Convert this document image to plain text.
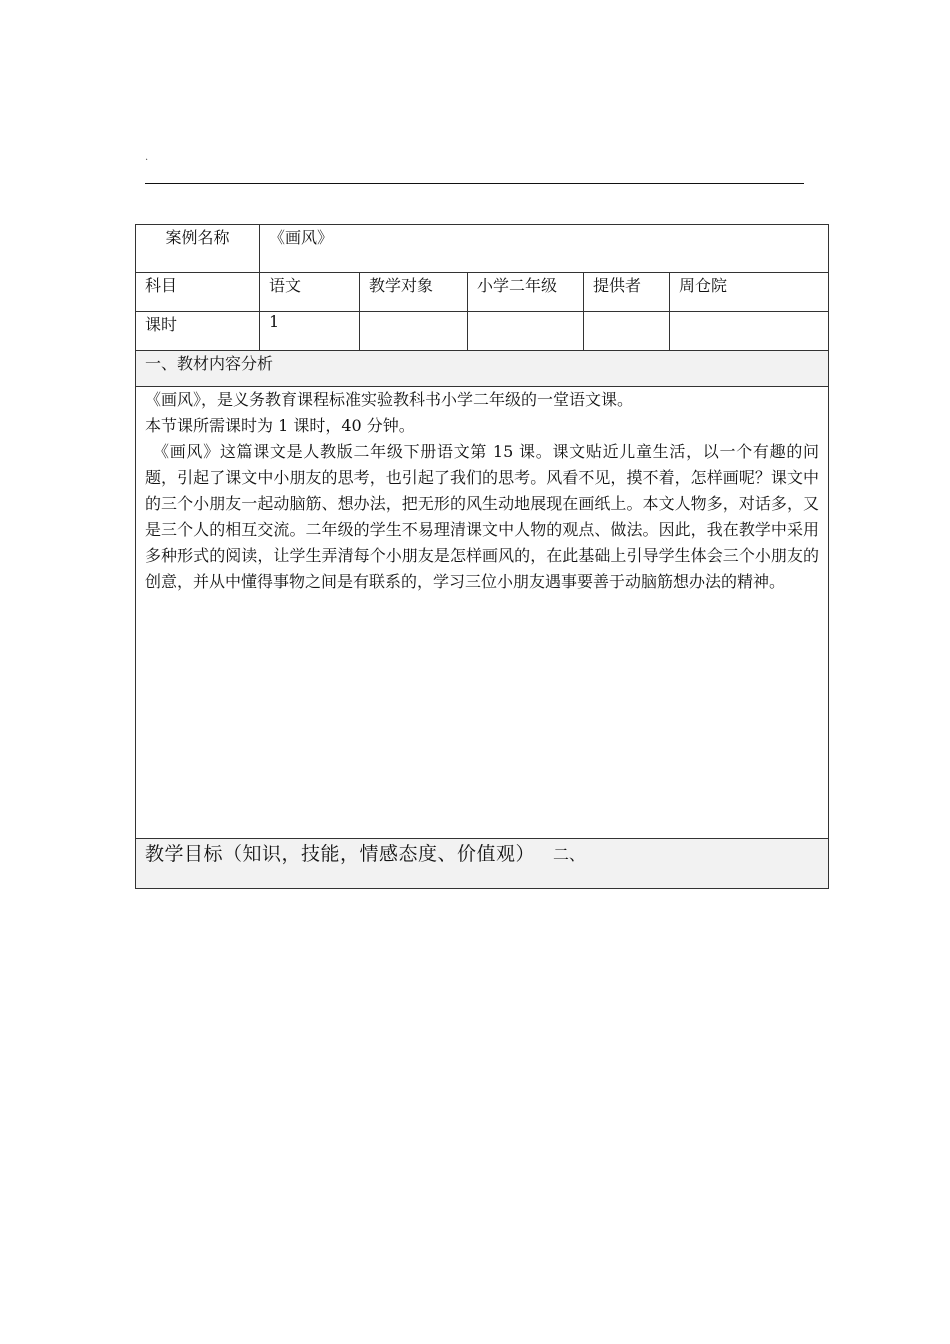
.
案例名称	《画风》				
科目	语文	教学对象	小学二年级	提供者	周仓院
课时	1				
一、教材内容分析					

《画风》，是义务教育课程标准实验教科书小学二年级的一堂语文课。

本节课所需课时为 1 课时，40 分钟。

《画风》这篇课文是人教版二年级下册语文第 15 课。课文贴近儿童生活，以一个有趣的问题，引起了课文中小朋友的思考，也引起了我们的思考。风看不见，摸不着，怎样画呢？课文中的三个小朋友一起动脑筋、想办法，把无形的风生动地展现在画纸上。本文人物多，对话多，又是三个人的相互交流。二年级的学生不易理清课文中人物的观点、做法。因此，我在教学中采用多种形式的阅读，让学生弄清每个小朋友是怎样画风的，在此基础上引导学生体会三个小朋友的创意，并从中懂得事物之间是有联系的，学习三位小朋友遇事要善于动脑筋想办法的精神。					

教学目标（知识，技能，情感态度、价值观） 二、					
